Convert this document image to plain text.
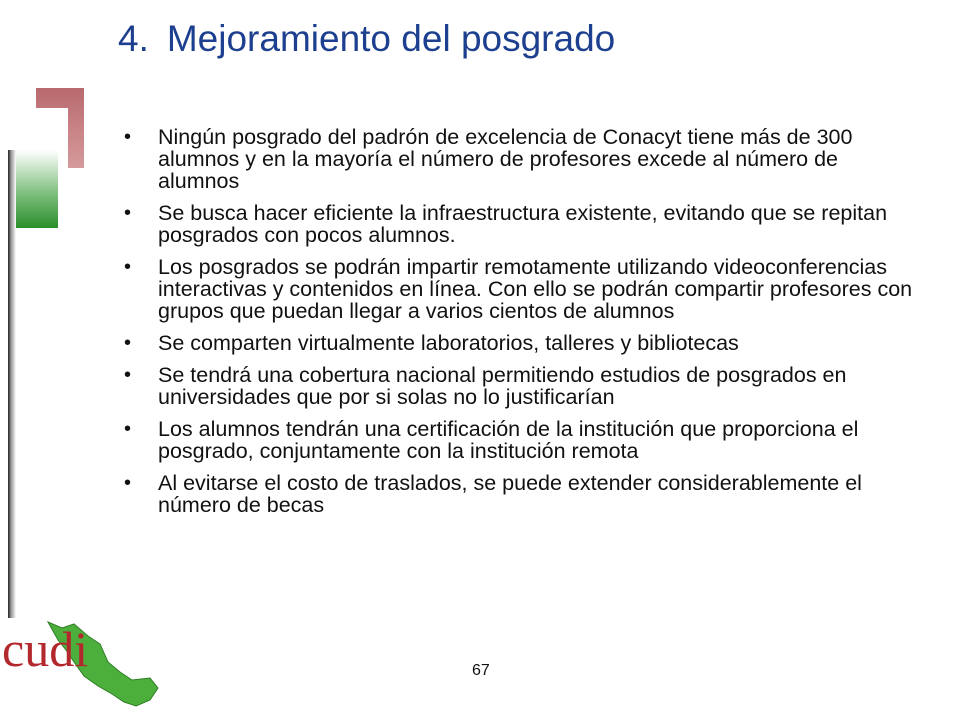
4. Mejoramiento del posgrado
• Ningún posgrado del padrón de excelencia de Conacyt tiene más de 300 alumnos y en la mayoría el número de profesores excede al número de alumnos
• Se busca hacer eficiente la infraestructura existente, evitando que se repitan posgrados con pocos alumnos.
• Los posgrados se podrán impartir remotamente utilizando videoconferencias interactivas y contenidos en línea. Con ello se podrán compartir profesores con grupos que puedan llegar a varios cientos de alumnos
• Se comparten virtualmente laboratorios, talleres y bibliotecas
• Se tendrá una cobertura nacional permitiendo estudios de posgrados en universidades que por si solas no lo justificarían
• Los alumnos tendrán una certificación de la institución que proporciona el posgrado, conjuntamente con la institución remota
• Al evitarse el costo de traslados, se puede extender considerablemente el número de becas
cudi	67
